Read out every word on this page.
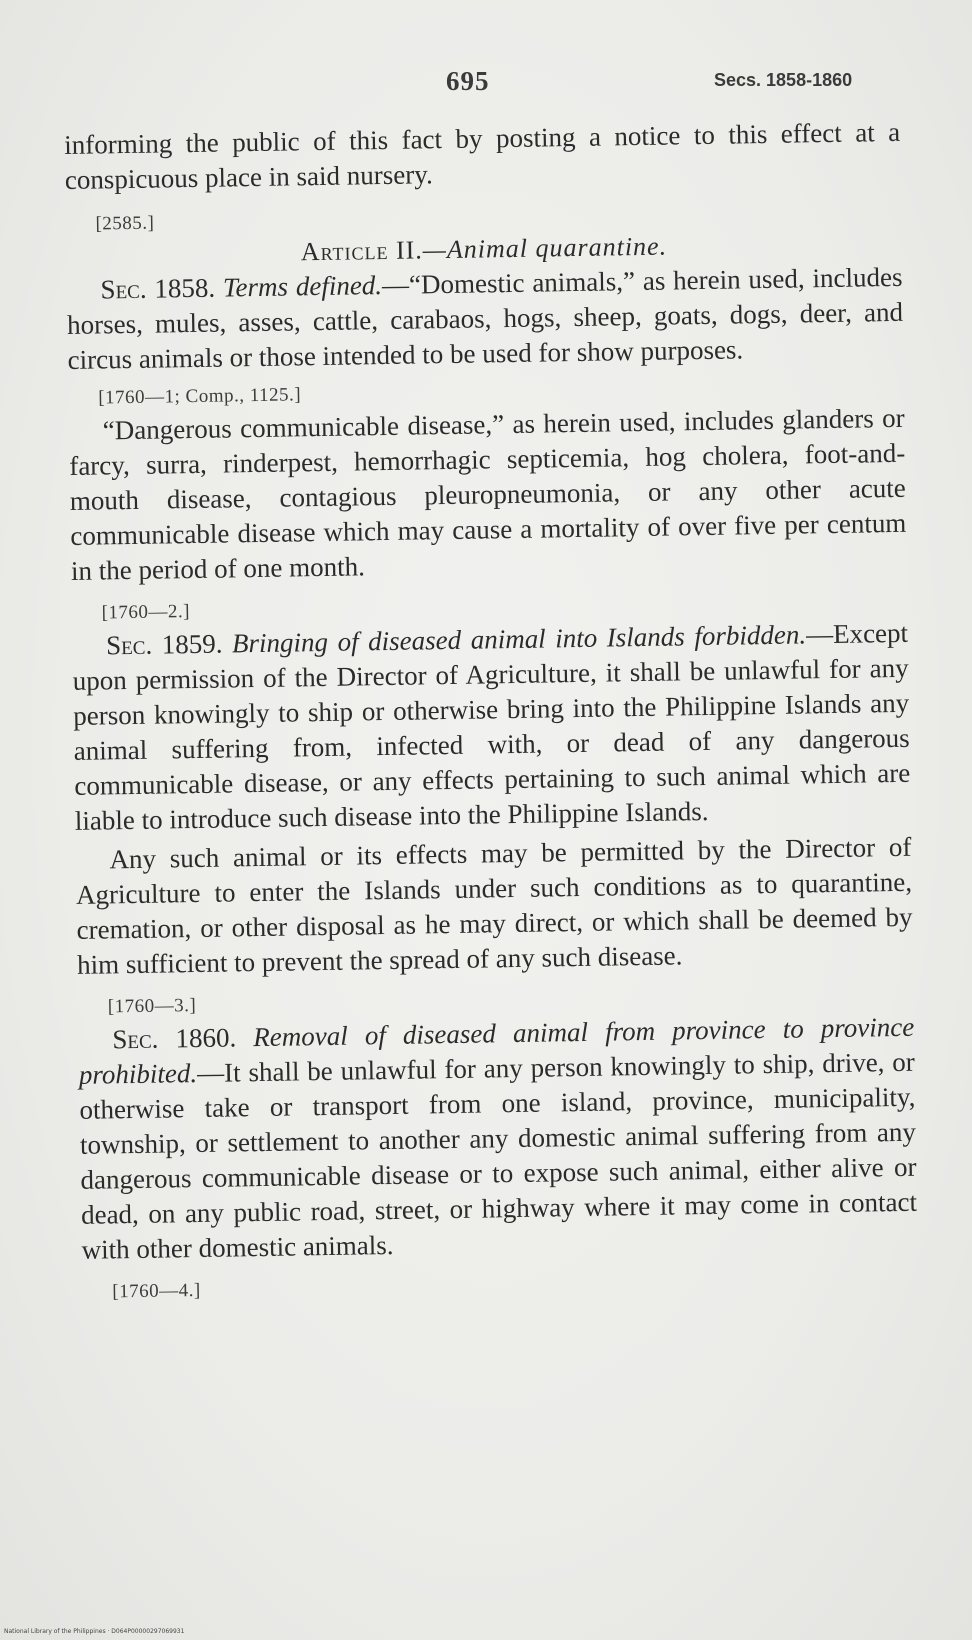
695	Secs. 1858-1860

informing the public of this fact by posting a notice to this effect at a conspicuous place in said nursery.

[2585.]

Article II.—Animal quarantine.

Sec. 1858. Terms defined.—“Domestic animals,” as herein used, includes horses, mules, asses, cattle, carabaos, hogs, sheep, goats, dogs, deer, and circus animals or those intended to be used for show purposes.

[1760—1; Comp., 1125.]

“Dangerous communicable disease,” as herein used, includes glanders or farcy, surra, rinderpest, hemorrhagic septicemia, hog cholera, foot-and-mouth disease, contagious pleuropneumonia, or any other acute communicable disease which may cause a mortality of over five per centum in the period of one month.

[1760—2.]

Sec. 1859. Bringing of diseased animal into Islands forbidden.—Except upon permission of the Director of Agriculture, it shall be unlawful for any person knowingly to ship or otherwise bring into the Philippine Islands any animal suffering from, infected with, or dead of any dangerous communicable disease, or any effects pertaining to such animal which are liable to introduce such disease into the Philippine Islands.

Any such animal or its effects may be permitted by the Director of Agriculture to enter the Islands under such conditions as to quarantine, cremation, or other disposal as he may direct, or which shall be deemed by him sufficient to prevent the spread of any such disease.

[1760—3.]

Sec. 1860. Removal of diseased animal from province to province prohibited.—It shall be unlawful for any person knowingly to ship, drive, or otherwise take or transport from one island, province, municipality, township, or settlement to another any domestic animal suffering from any dangerous communicable disease or to expose such animal, either alive or dead, on any public road, street, or highway where it may come in contact with other domestic animals.

[1760—4.]

National Library of the Philippines · D064P00000297069931
